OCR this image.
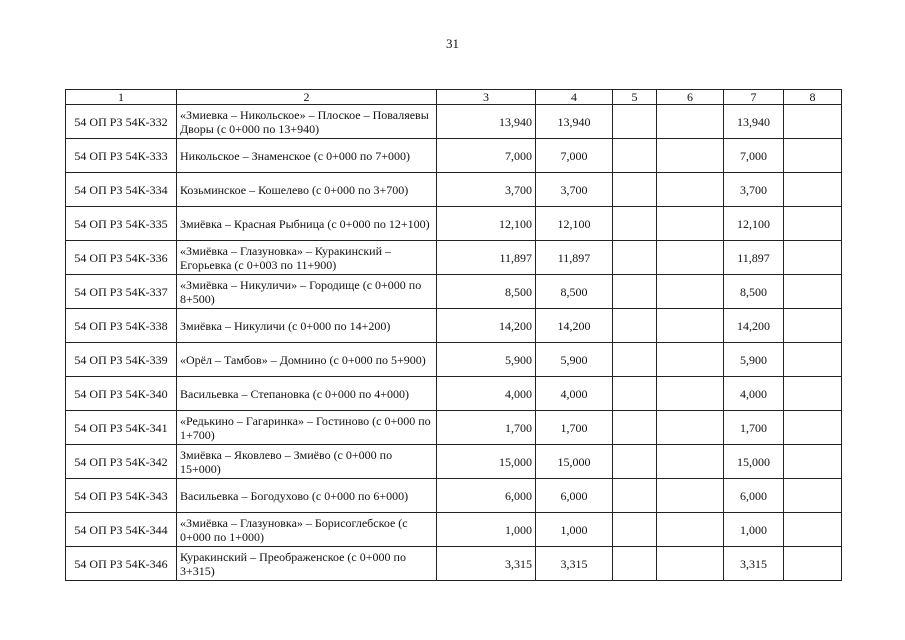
31
1	2	3	4	5	6	7	8
54 ОП РЗ 54К-332	«Змиевка – Никольское» – Плоское – Поваляевы Дворы (с 0+000 по 13+940)	13,940	13,940			13,940	
54 ОП РЗ 54К-333	Никольское – Знаменское (с 0+000 по 7+000)	7,000	7,000			7,000	
54 ОП РЗ 54К-334	Козьминское – Кошелево (с 0+000 по 3+700)	3,700	3,700			3,700	
54 ОП РЗ 54К-335	Змиёвка – Красная Рыбница (с 0+000 по 12+100)	12,100	12,100			12,100	
54 ОП РЗ 54К-336	«Змиёвка – Глазуновка» – Куракинский – Егорьевка (с 0+003 по 11+900)	11,897	11,897			11,897	
54 ОП РЗ 54К-337	«Змиёвка – Никуличи» – Городище (с 0+000 по 8+500)	8,500	8,500			8,500	
54 ОП РЗ 54К-338	Змиёвка – Никуличи (с 0+000 по 14+200)	14,200	14,200			14,200	
54 ОП РЗ 54К-339	«Орёл – Тамбов» – Домнино (с 0+000 по 5+900)	5,900	5,900			5,900	
54 ОП РЗ 54К-340	Васильевка – Степановка (с 0+000 по 4+000)	4,000	4,000			4,000	
54 ОП РЗ 54К-341	«Редькино – Гагаринка» – Гостиново (с 0+000 по 1+700)	1,700	1,700			1,700	
54 ОП РЗ 54К-342	Змиёвка – Яковлево – Змиёво (с 0+000 по 15+000)	15,000	15,000			15,000	
54 ОП РЗ 54К-343	Васильевка – Богодухово (с 0+000 по 6+000)	6,000	6,000			6,000	
54 ОП РЗ 54К-344	«Змиёвка – Глазуновка» – Борисоглебское (с 0+000 по 1+000)	1,000	1,000			1,000	
54 ОП РЗ 54К-346	Куракинский – Преображенское (с 0+000 по 3+315)	3,315	3,315			3,315	
